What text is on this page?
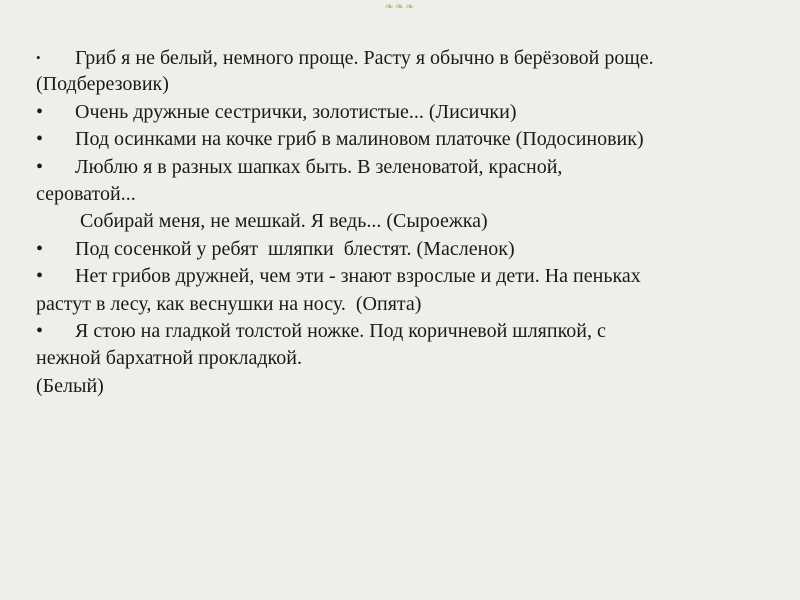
❧❧❧
• Гриб я не белый, немного проще. Расту я обычно в берёзовой роще.
(Подберезовик)
• Очень дружные сестрички, золотистые... (Лисички)
• Под осинками на кочке гриб в малиновом платочке (Подосиновик)
• Люблю я в разных шапках быть. В зеленоватой, красной,
сероватой...
Собирай меня, не мешкай. Я ведь... (Сыроежка)
• Под сосенкой у ребят  шляпки  блестят. (Масленок)
• Нет грибов дружней, чем эти - знают взрослые и дети. На пеньках
растут в лесу, как веснушки на носу.  (Опята)
• Я стою на гладкой толстой ножке. Под коричневой шляпкой, с
нежной бархатной прокладкой.
(Белый)
